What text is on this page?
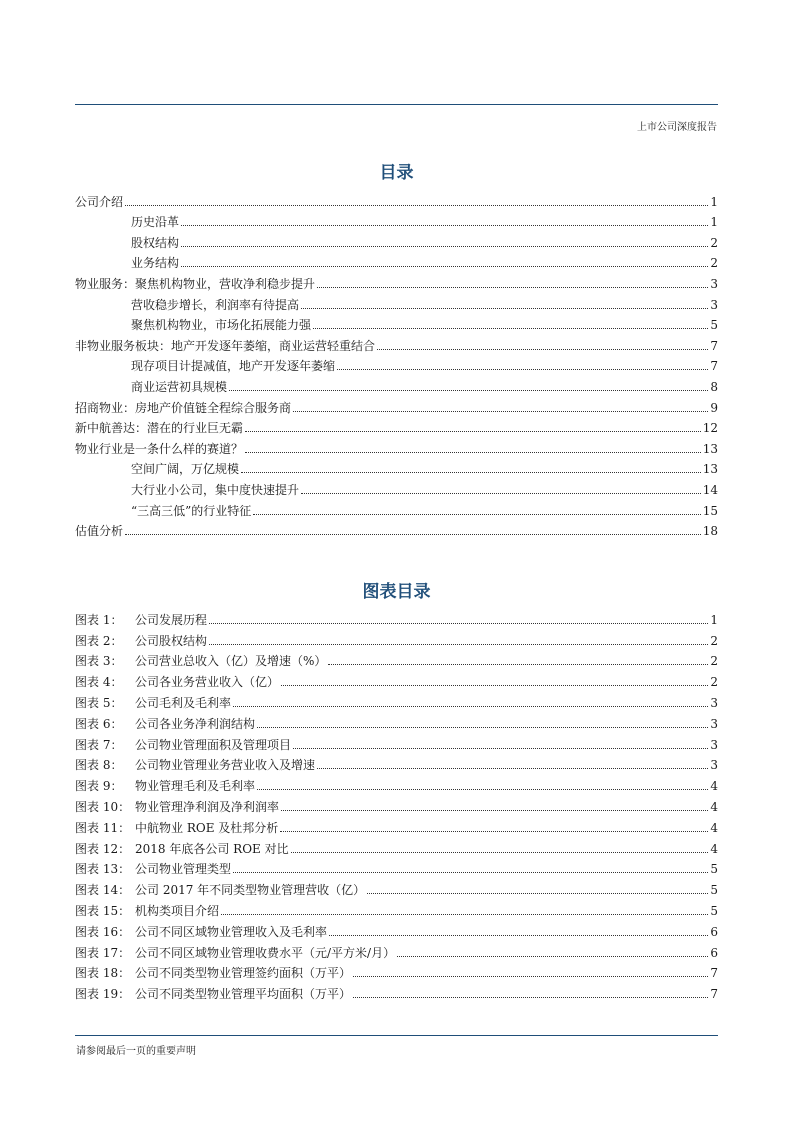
上市公司深度报告
目录
公司介绍	1
历史沿革	1
股权结构	2
业务结构	2
物业服务：聚焦机构物业，营收净利稳步提升	3
营收稳步增长，利润率有待提高	3
聚焦机构物业，市场化拓展能力强	5
非物业服务板块：地产开发逐年萎缩，商业运营轻重结合	7
现存项目计提减值，地产开发逐年萎缩	7
商业运营初具规模	8
招商物业：房地产价值链全程综合服务商	9
新中航善达：潜在的行业巨无霸	12
物业行业是一条什么样的赛道？	13
空间广阔，万亿规模	13
大行业小公司，集中度快速提升	14
“三高三低”的行业特征	15
估值分析	18
图表目录
图表 1：	公司发展历程	1
图表 2：	公司股权结构	2
图表 3：	公司营业总收入（亿）及增速（%）	2
图表 4：	公司各业务营业收入（亿）	2
图表 5：	公司毛利及毛利率	3
图表 6：	公司各业务净利润结构	3
图表 7：	公司物业管理面积及管理项目	3
图表 8：	公司物业管理业务营业收入及增速	3
图表 9：	物业管理毛利及毛利率	4
图表 10： 物业管理净利润及净利润率	4
图表 11： 中航物业 ROE 及杜邦分析	4
图表 12： 2018 年底各公司 ROE 对比	4
图表 13： 公司物业管理类型	5
图表 14： 公司 2017 年不同类型物业管理营收（亿）	5
图表 15： 机构类项目介绍	5
图表 16： 公司不同区域物业管理收入及毛利率	6
图表 17： 公司不同区域物业管理收费水平（元/平方米/月）	6
图表 18： 公司不同类型物业管理签约面积（万平）	7
图表 19： 公司不同类型物业管理平均面积（万平）	7
请参阅最后一页的重要声明
